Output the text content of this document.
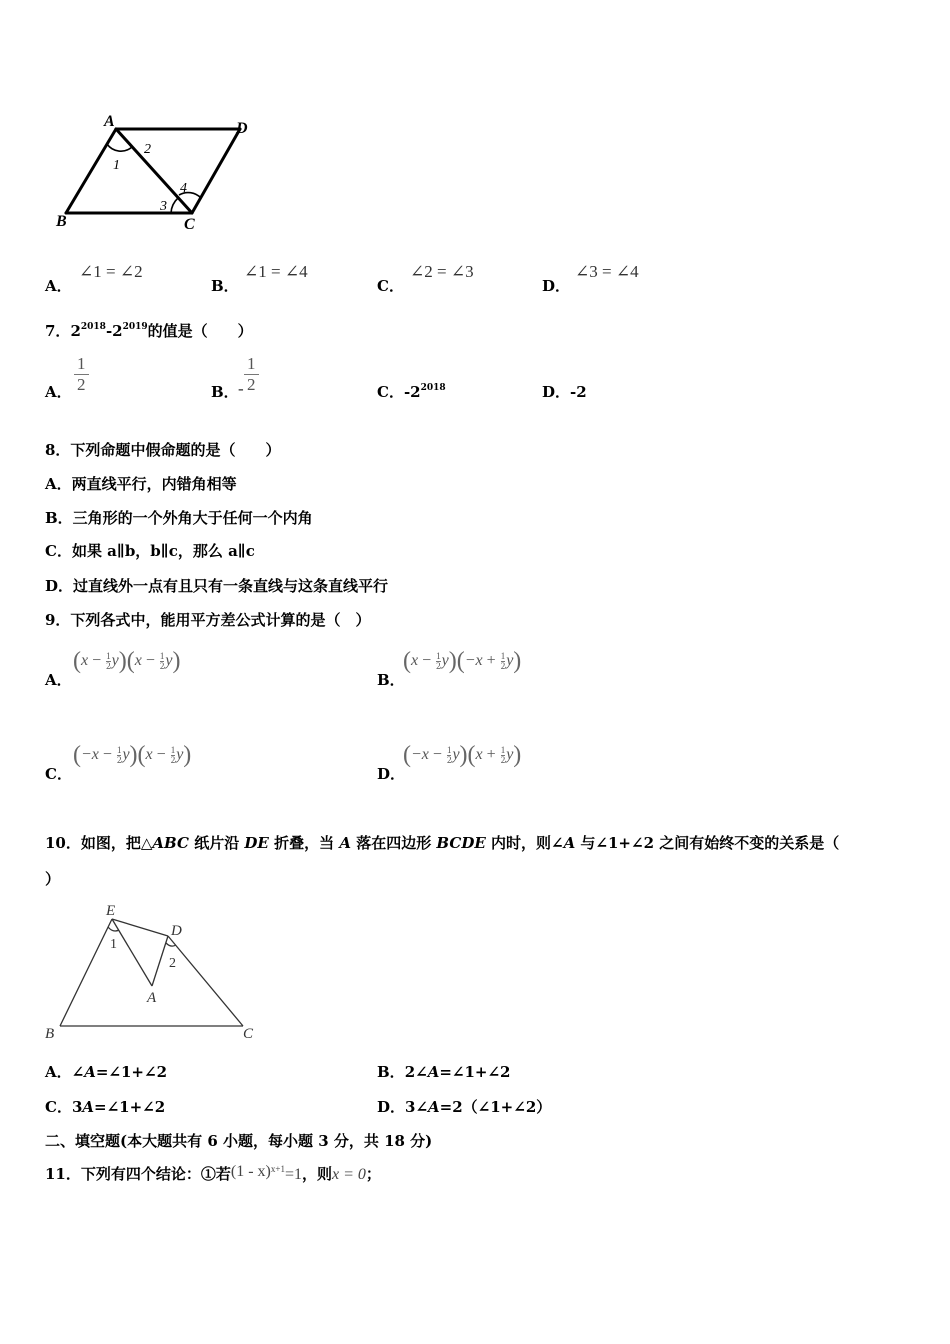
A	D
B	C
1
2
3
4
A．
∠1 = ∠2
B．
∠1 = ∠4
C．
∠2 = ∠3
D．
∠3 = ∠4
7．$2^{2018}-2^{2019}$的值是（　　）
A． $\frac{1}{2}$	B． - $\frac{1}{2}$	C．$-2^{2018}$	D．-2
8．下列命题中假命题的是（　　）
A．两直线平行，内错角相等
B．三角形的一个外角大于任何一个内角
C．如果 a∥b，b∥c，那么 a∥c
D．过直线外一点有且只有一条直线与这条直线平行
9．下列各式中，能用平方差公式计算的是（　）
A．
$(x - \frac{1}{2} y)(x - \frac{1}{2} y)$
B．
$(x - \frac{1}{2} y)(-x + \frac{1}{2} y)$
C．
$(-x - \frac{1}{2} y)(x - \frac{1}{2} y)$
D．
$(-x - \frac{1}{2} y)(x + \frac{1}{2} y)$
10．如图，把△ABC 纸片沿 DE 折叠，当 A 落在四边形 BCDE 内时，则∠A 与∠1+∠2 之间有始终不变的关系是（
）
E
D
A
B	C
1
2
A．∠A=∠1+∠2	B．2∠A=∠1+∠2
C．3A=∠1+∠2	D．3∠A=2（∠1+∠2）
二、填空题(本大题共有 6 小题，每小题 3 分，共 18 分)
11．下列有四个结论：①若(1 - x)$^{x+1}$=1，则x = 0；
